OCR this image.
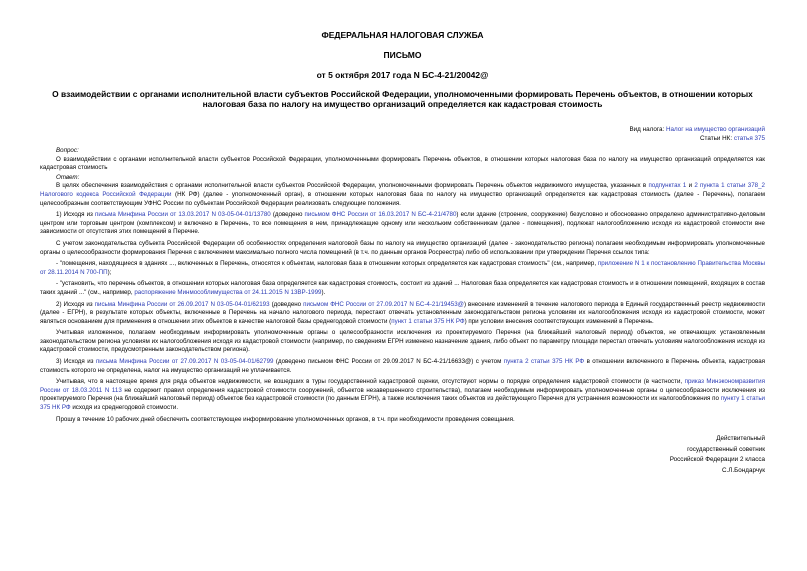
ФЕДЕРАЛЬНАЯ НАЛОГОВАЯ СЛУЖБА
ПИСЬМО
от 5 октября 2017 года N БС-4-21/20042@
О взаимодействии с органами исполнительной власти субъектов Российской Федерации, уполномоченными формировать Перечень объектов, в отношении которых налоговая база по налогу на имущество организаций определяется как кадастровая стоимость
Вид налога: Налог на имущество организаций
Статьи НК: статья 375

Вопрос:

О взаимодействии с органами исполнительной власти субъектов Российской Федерации, уполномоченными формировать Перечень объектов, в отношении которых налоговая база по налогу на имущество организаций определяется как кадастровая стоимость

Ответ:

В целях обеспечения взаимодействия с органами исполнительной власти субъектов Российской Федерации, уполномоченными формировать Перечень объектов недвижимого имущества, указанных в подпунктах 1 и 2 пункта 1 статьи 378_2 Налогового кодекса Российской Федерации (НК РФ) (далее - уполномоченный орган), в отношении которых налоговая база по налогу на имущество организаций определяется как кадастровая стоимость (далее - Перечень), полагаем целесообразным соответствующим УФНС России по субъектам Российской Федерации реализовать следующие положения.

1) Исходя из письма Минфина России от 13.03.2017 N 03-05-04-01/13780 (доведено письмом ФНС России от 16.03.2017 N БС-4-21/4780) если здание (строение, сооружение) безусловно и обоснованно определено административно-деловым центром или торговым центром (комплексом) и включено в Перечень, то все помещения в нем, принадлежащие одному или нескольким собственникам (далее - помещения), подлежат налогообложению исходя из кадастровой стоимости вне зависимости от отсутствия этих помещений в Перечне.

С учетом законодательства субъекта Российской Федерации об особенностях определения налоговой базы по налогу на имущество организаций (далее - законодательство региона) полагаем необходимым информировать уполномоченные органы о целесообразности формирования Перечня с включением максимально полного числа помещений (в т.ч. по данным органов Росреестра) либо об использовании при утверждении Перечня ссылок типа:

- "помещения, находящиеся в зданиях ..., включенных в Перечень, относятся к объектам, налоговая база в отношении которых определяется как кадастровая стоимость" (см., например, приложение N 1 к постановлению Правительства Москвы от 28.11.2014 N 700-ПП);

- "установить, что перечень объектов, в отношении которых налоговая база определяется как кадастровая стоимость, состоит из зданий ... Налоговая база определяется как кадастровая стоимость и в отношении помещений, входящих в состав таких зданий ..." (см., например, распоряжение Минмособлимущества от 24.11.2015 N 13ВР-1999).

2) Исходя из письма Минфина России от 26.09.2017 N 03-05-04-01/62193 (доведено письмом ФНС России от 27.09.2017 N БС-4-21/19453@) внесение изменений в течение налогового периода в Единый государственный реестр недвижимости (далее - ЕГРН), в результате которых объекты, включенные в Перечень на начало налогового периода, перестают отвечать установленным законодательством региона условиям их налогообложения исходя из кадастровой стоимости, может являться основанием для применения в отношении этих объектов в качестве налоговой базы среднегодовой стоимости (пункт 1 статьи 375 НК РФ) при условии внесения соответствующих изменений в Перечень.

Учитывая изложенное, полагаем необходимым информировать уполномоченные органы о целесообразности исключения из проектируемого Перечня (на ближайший налоговый период) объектов, не отвечающих установленным законодательством региона условиям их налогообложения исходя из кадастровой стоимости (например, по сведениям ЕГРН изменено назначение здания, либо объект по параметру площади перестал отвечать условиям налогообложения исходя из кадастровой стоимости, предусмотренным законодательством региона).

3) Исходя из письма Минфина России от 27.09.2017 N 03-05-04-01/62799 (доведено письмом ФНС России от 29.09.2017 N БС-4-21/16633@) с учетом пункта 2 статьи 375 НК РФ в отношении включенного в Перечень объекта, кадастровая стоимость которого не определена, налог на имущество организаций не уплачивается.

Учитывая, что в настоящее время для ряда объектов недвижимости, не вошедших в туры государственной кадастровой оценки, отсутствуют нормы о порядке определения кадастровой стоимости (в частности, приказ Минэкономразвития России от 18.03.2011 N 113 не содержит правил определения кадастровой стоимости сооружений, объектов незавершенного строительства), полагаем необходимым информировать уполномоченные органы о целесообразности исключения из проектируемого Перечня (на ближайший налоговый период) объектов без кадастровой стоимости (по данным ЕГРН), а также исключения таких объектов из действующего Перечня для устранения возможности их налогообложения по пункту 1 статьи 375 НК РФ исходя из среднегодовой стоимости.

Прошу в течение 10 рабочих дней обеспечить соответствующее информирование уполномоченных органов, в т.ч. при необходимости проведения совещания.

Действительный
государственный советник
Российской Федерации 2 класса
С.Л.Бондарчук
